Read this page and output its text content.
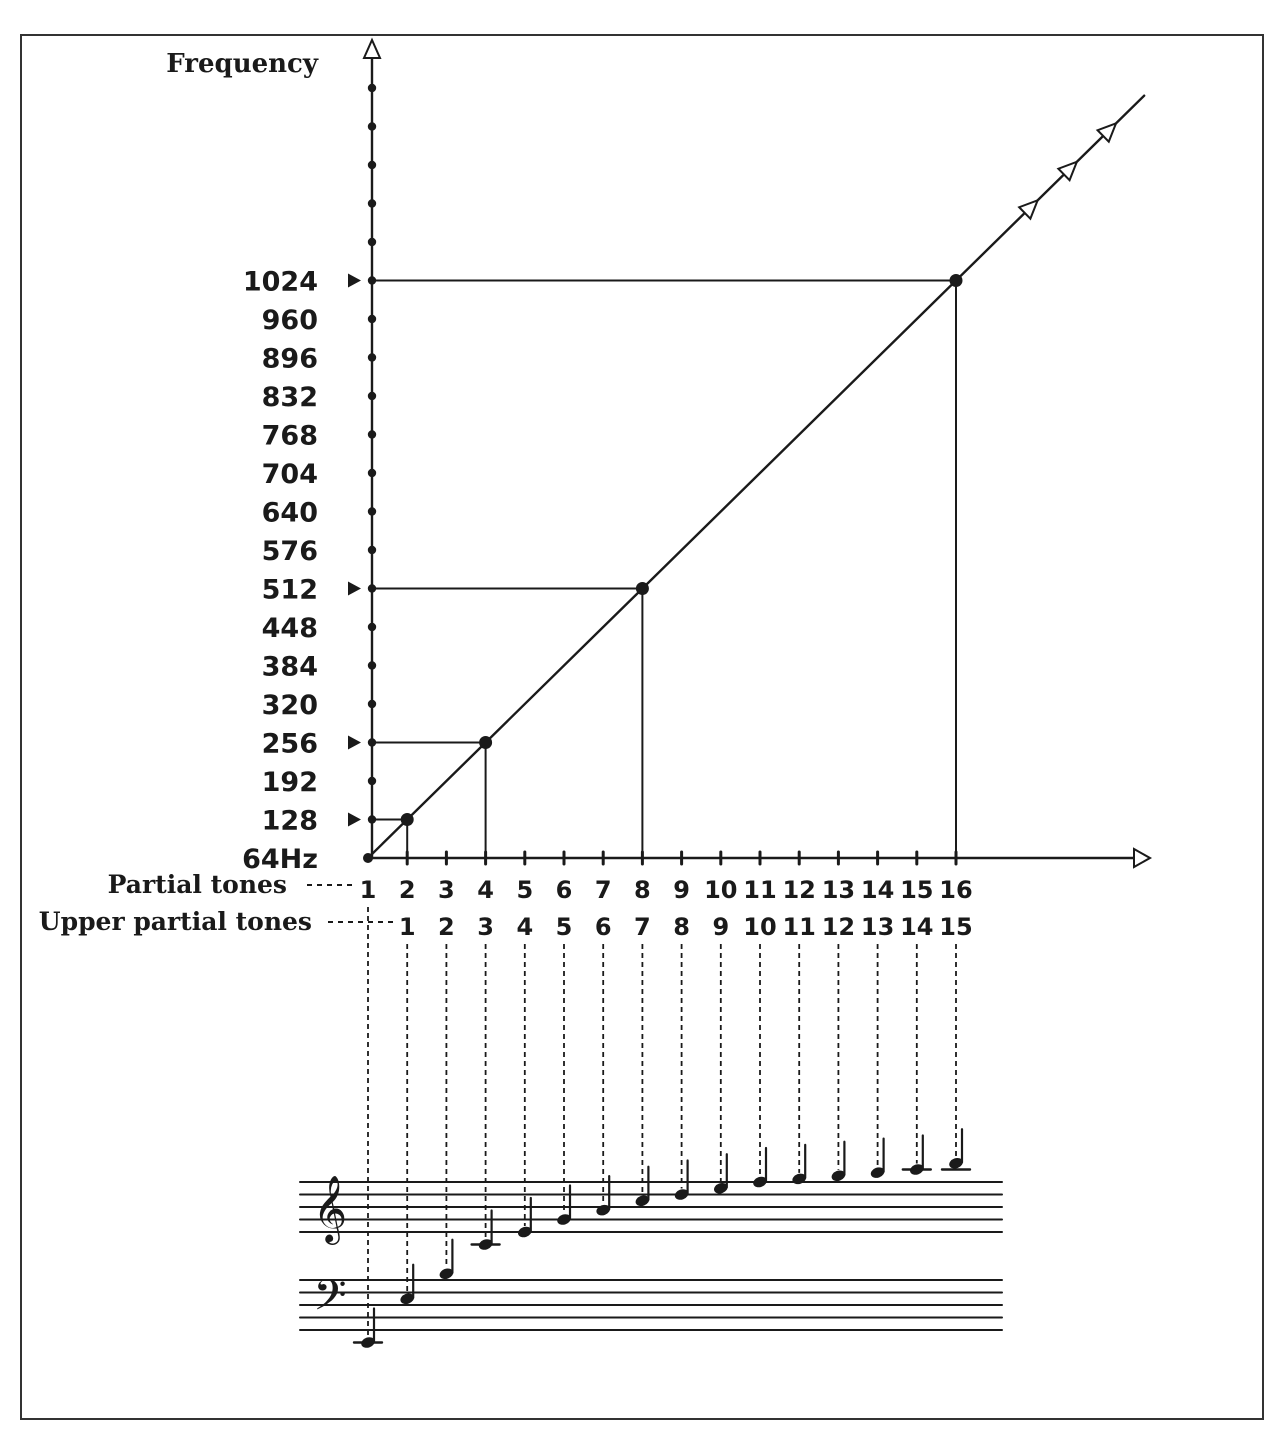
Frequency
64Hz
128
192
256
320
384
448
512
576
640
704
768
832
896
960
1024
Partial tones
Upper partial tones
1 2 3 4 5 6 7 8 9 10 11 12 13 14 15 16
1 2 3 4 5 6 7 8 9 10 11 12 13 14 15
𝄞
𝄢
